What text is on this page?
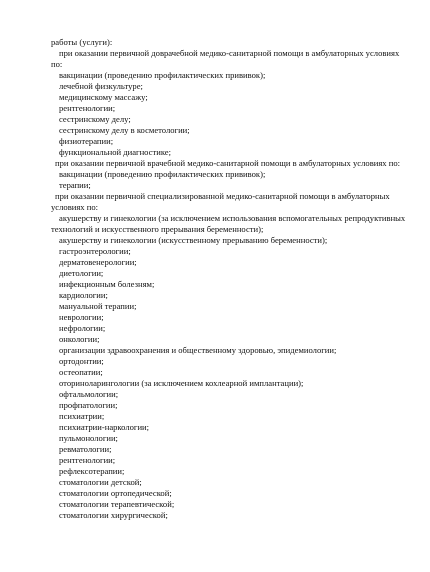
работы (услуги):
при оказании первичной доврачебной медико-санитарной помощи в амбулаторных условиях
по:
вакцинации (проведению профилактических прививок);
лечебной физкультуре;
медицинскому массажу;
рентгенологии;
сестринскому делу;
сестринскому делу в косметологии;
физиотерапии;
функциональной диагностике;
при оказании первичной врачебной медико-санитарной помощи в амбулаторных условиях по:
вакцинации (проведению профилактических прививок);
терапии;
при оказании первичной специализированной медико-санитарной помощи в амбулаторных
условиях по:
акушерству и гинекологии (за исключением использования вспомогательных репродуктивных
технологий и искусственного прерывания беременности);
акушерству и гинекологии (искусственному прерыванию беременности);
гастроэнтерологии;
дерматовенерологии;
диетологии;
инфекционным болезням;
кардиологии;
мануальной терапии;
неврологии;
нефрологии;
онкологии;
организации здравоохранения и общественному здоровью, эпидемиологии;
ортодонтии;
остеопатии;
оториноларингологии (за исключением кохлеарной имплантации);
офтальмологии;
профпатологии;
психиатрии;
психиатрии-наркологии;
пульмонологии;
ревматологии;
рентгенологии;
рефлексотерапии;
стоматологии детской;
стоматологии ортопедической;
стоматологии терапевтической;
стоматологии хирургической;
